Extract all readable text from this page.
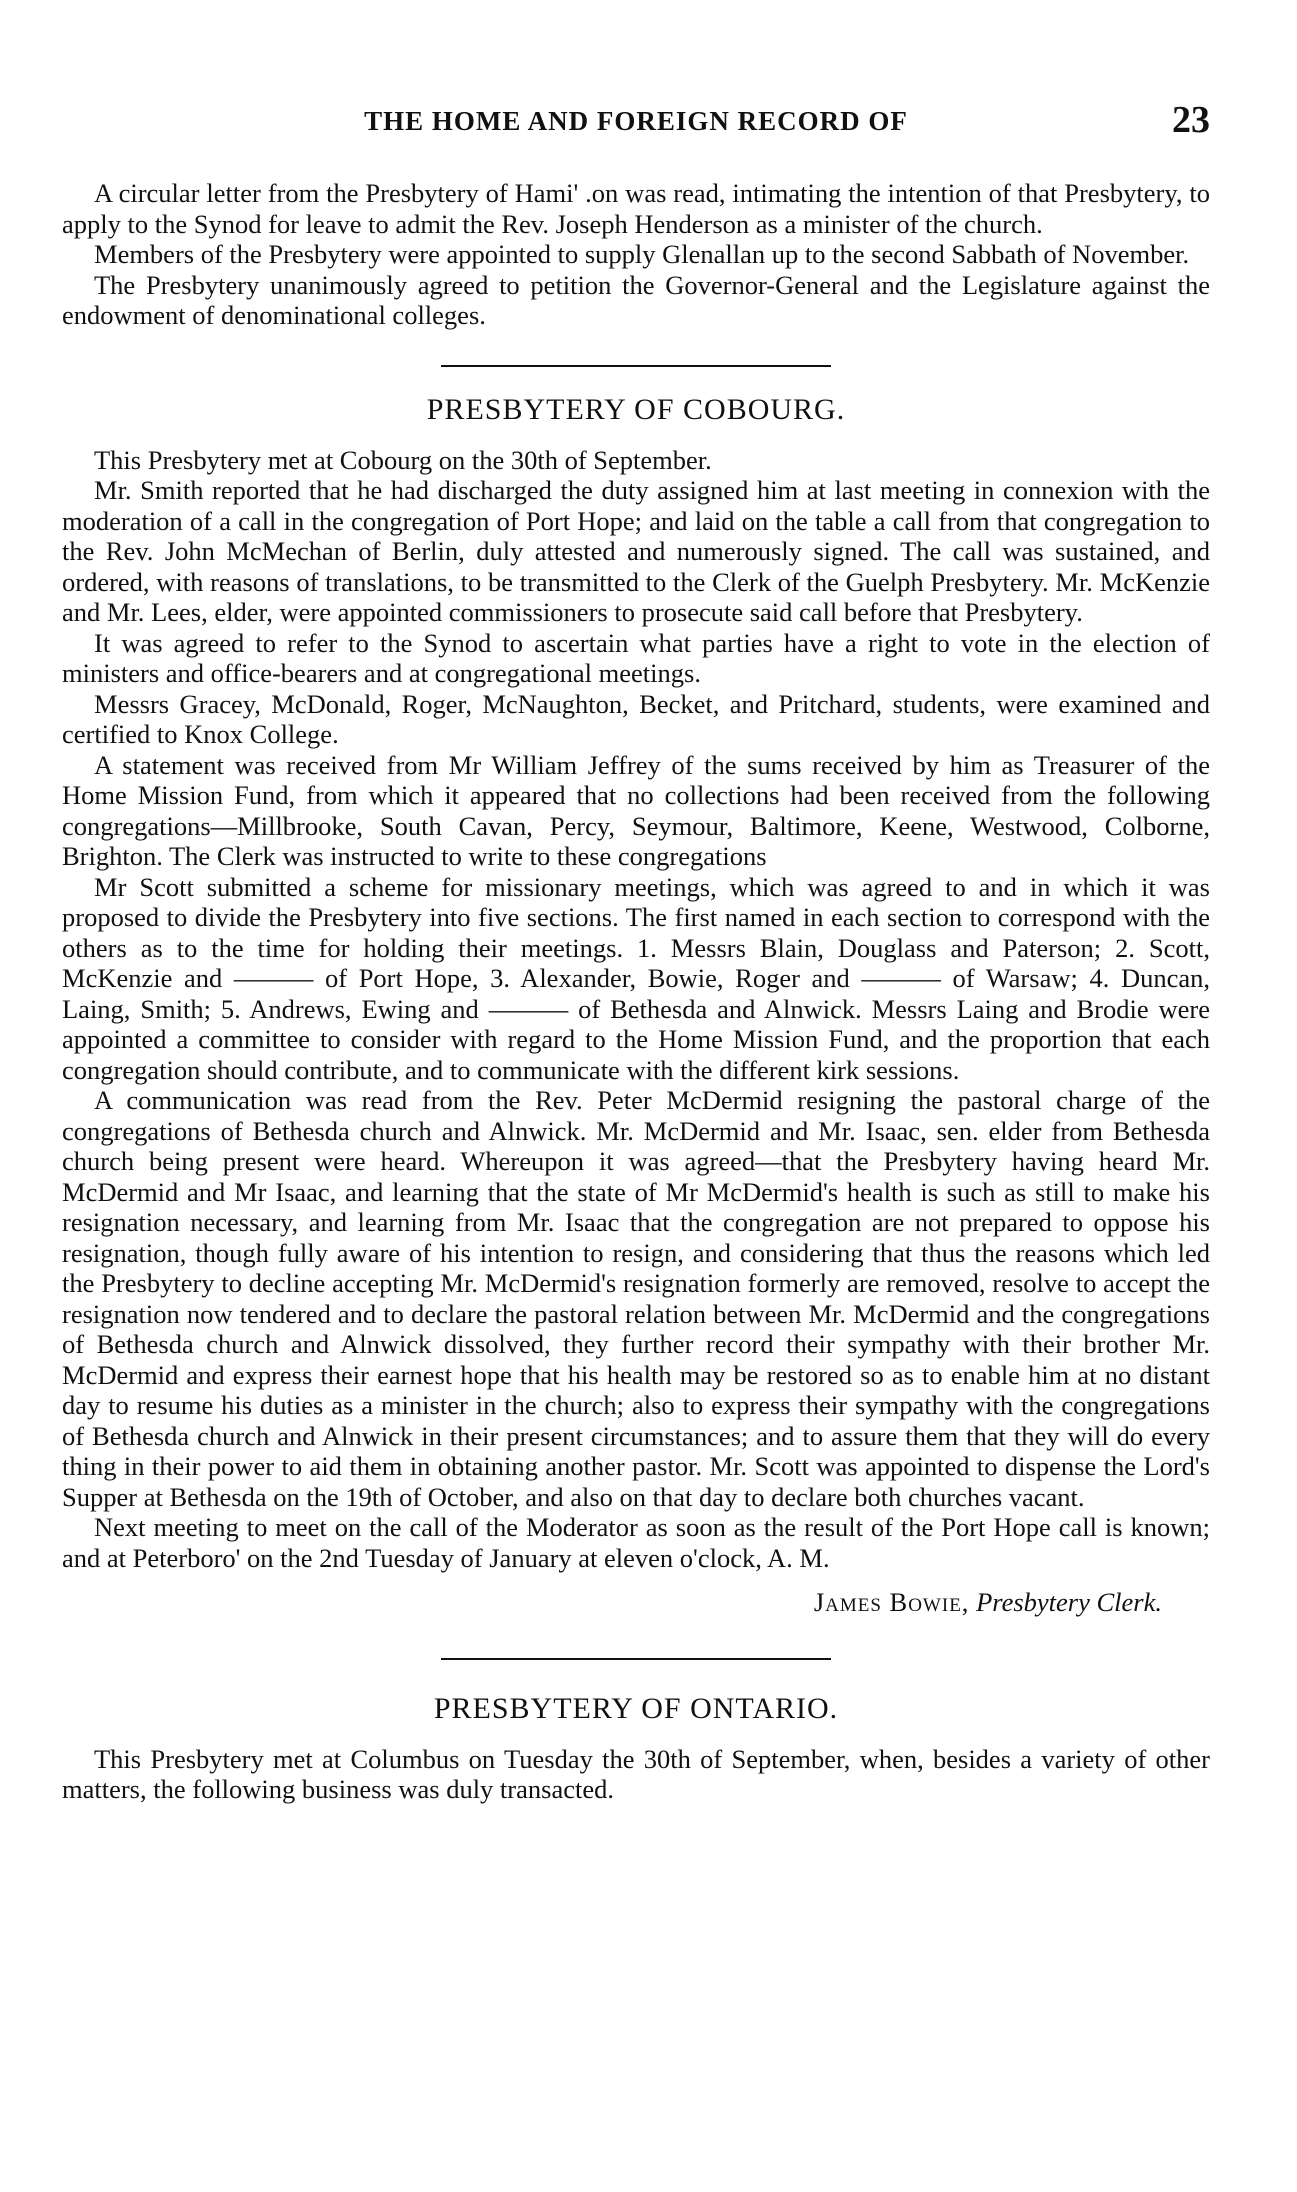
THE HOME AND FOREIGN RECORD OF	23

A circular letter from the Presbytery of Hami' .on was read, intimating the intention of that Presbytery, to apply to the Synod for leave to admit the Rev. Joseph Henderson as a minister of the church.

Members of the Presbytery were appointed to supply Glenallan up to the second Sabbath of November.

The Presbytery unanimously agreed to petition the Governor-General and the Legislature against the endowment of denominational colleges.

PRESBYTERY OF COBOURG.

This Presbytery met at Cobourg on the 30th of September.

Mr. Smith reported that he had discharged the duty assigned him at last meeting in connexion with the moderation of a call in the congregation of Port Hope; and laid on the table a call from that congregation to the Rev. John McMechan of Berlin, duly attested and numerously signed. The call was sustained, and ordered, with reasons of translations, to be transmitted to the Clerk of the Guelph Presbytery. Mr. McKenzie and Mr. Lees, elder, were appointed commissioners to prosecute said call before that Presbytery.

It was agreed to refer to the Synod to ascertain what parties have a right to vote in the election of ministers and office-bearers and at congregational meetings.

Messrs Gracey, McDonald, Roger, McNaughton, Becket, and Pritchard, students, were examined and certified to Knox College.

A statement was received from Mr William Jeffrey of the sums received by him as Treasurer of the Home Mission Fund, from which it appeared that no collections had been received from the following congregations—Millbrooke, South Cavan, Percy, Seymour, Baltimore, Keene, Westwood, Colborne, Brighton. The Clerk was instructed to write to these congregations

Mr Scott submitted a scheme for missionary meetings, which was agreed to and in which it was proposed to divide the Presbytery into five sections. The first named in each section to correspond with the others as to the time for holding their meetings. 1. Messrs Blain, Douglass and Paterson; 2. Scott, McKenzie and ——— of Port Hope, 3. Alexander, Bowie, Roger and ——— of Warsaw; 4. Duncan, Laing, Smith; 5. Andrews, Ewing and ——— of Bethesda and Alnwick. Messrs Laing and Brodie were appointed a committee to consider with regard to the Home Mission Fund, and the proportion that each congregation should contribute, and to communicate with the different kirk sessions.

A communication was read from the Rev. Peter McDermid resigning the pastoral charge of the congregations of Bethesda church and Alnwick. Mr. McDermid and Mr. Isaac, sen. elder from Bethesda church being present were heard. Whereupon it was agreed—that the Presbytery having heard Mr. McDermid and Mr Isaac, and learning that the state of Mr McDermid's health is such as still to make his resignation necessary, and learning from Mr. Isaac that the congregation are not prepared to oppose his resignation, though fully aware of his intention to resign, and considering that thus the reasons which led the Presbytery to decline accepting Mr. McDermid's resignation formerly are removed, resolve to accept the resignation now tendered and to declare the pastoral relation between Mr. McDermid and the congregations of Bethesda church and Alnwick dissolved, they further record their sympathy with their brother Mr. McDermid and express their earnest hope that his health may be restored so as to enable him at no distant day to resume his duties as a minister in the church; also to express their sympathy with the congregations of Bethesda church and Alnwick in their present circumstances; and to assure them that they will do every thing in their power to aid them in obtaining another pastor. Mr. Scott was appointed to dispense the Lord's Supper at Bethesda on the 19th of October, and also on that day to declare both churches vacant.

Next meeting to meet on the call of the Moderator as soon as the result of the Port Hope call is known; and at Peterboro' on the 2nd Tuesday of January at eleven o'clock, A. M.

James Bowie, Presbytery Clerk.
PRESBYTERY OF ONTARIO.

This Presbytery met at Columbus on Tuesday the 30th of September, when, besides a variety of other matters, the following business was duly transacted.
